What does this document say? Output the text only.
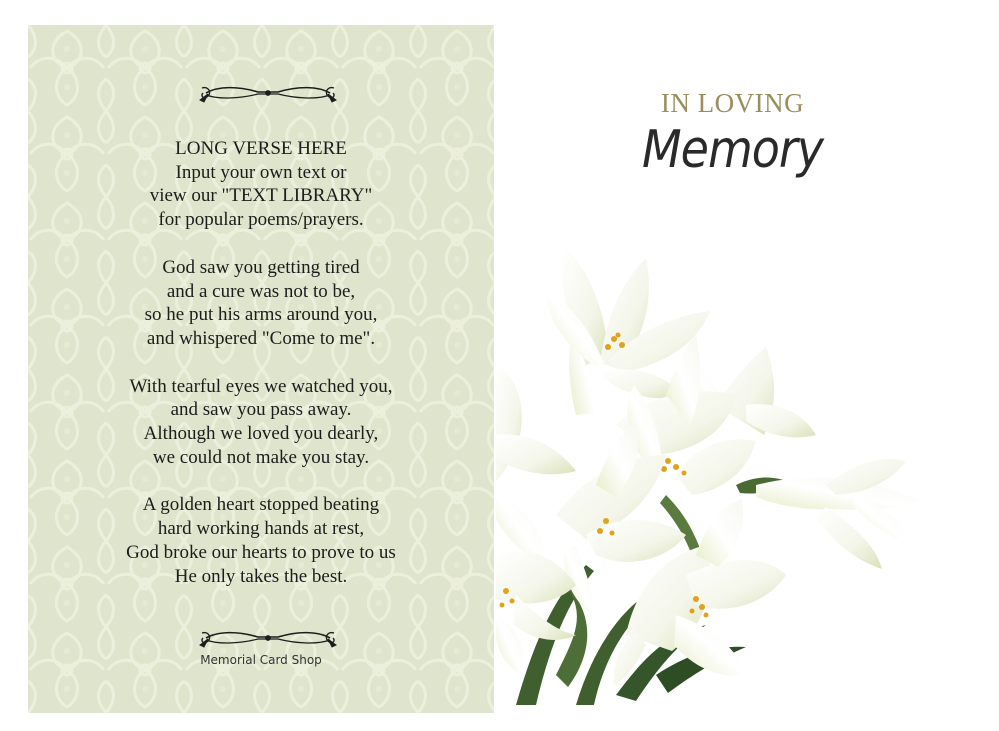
LONG VERSE HERE
Input your own text or
view our "TEXT LIBRARY"
for popular poems/prayers.
God saw you getting tired
and a cure was not to be,
so he put his arms around you,
and whispered "Come to me".
With tearful eyes we watched you,
and saw you pass away.
Although we loved you dearly,
we could not make you stay.
A golden heart stopped beating
hard working hands at rest,
God broke our hearts to prove to us
He only takes the best.
Memorial Card Shop
IN LOVING
Memory
